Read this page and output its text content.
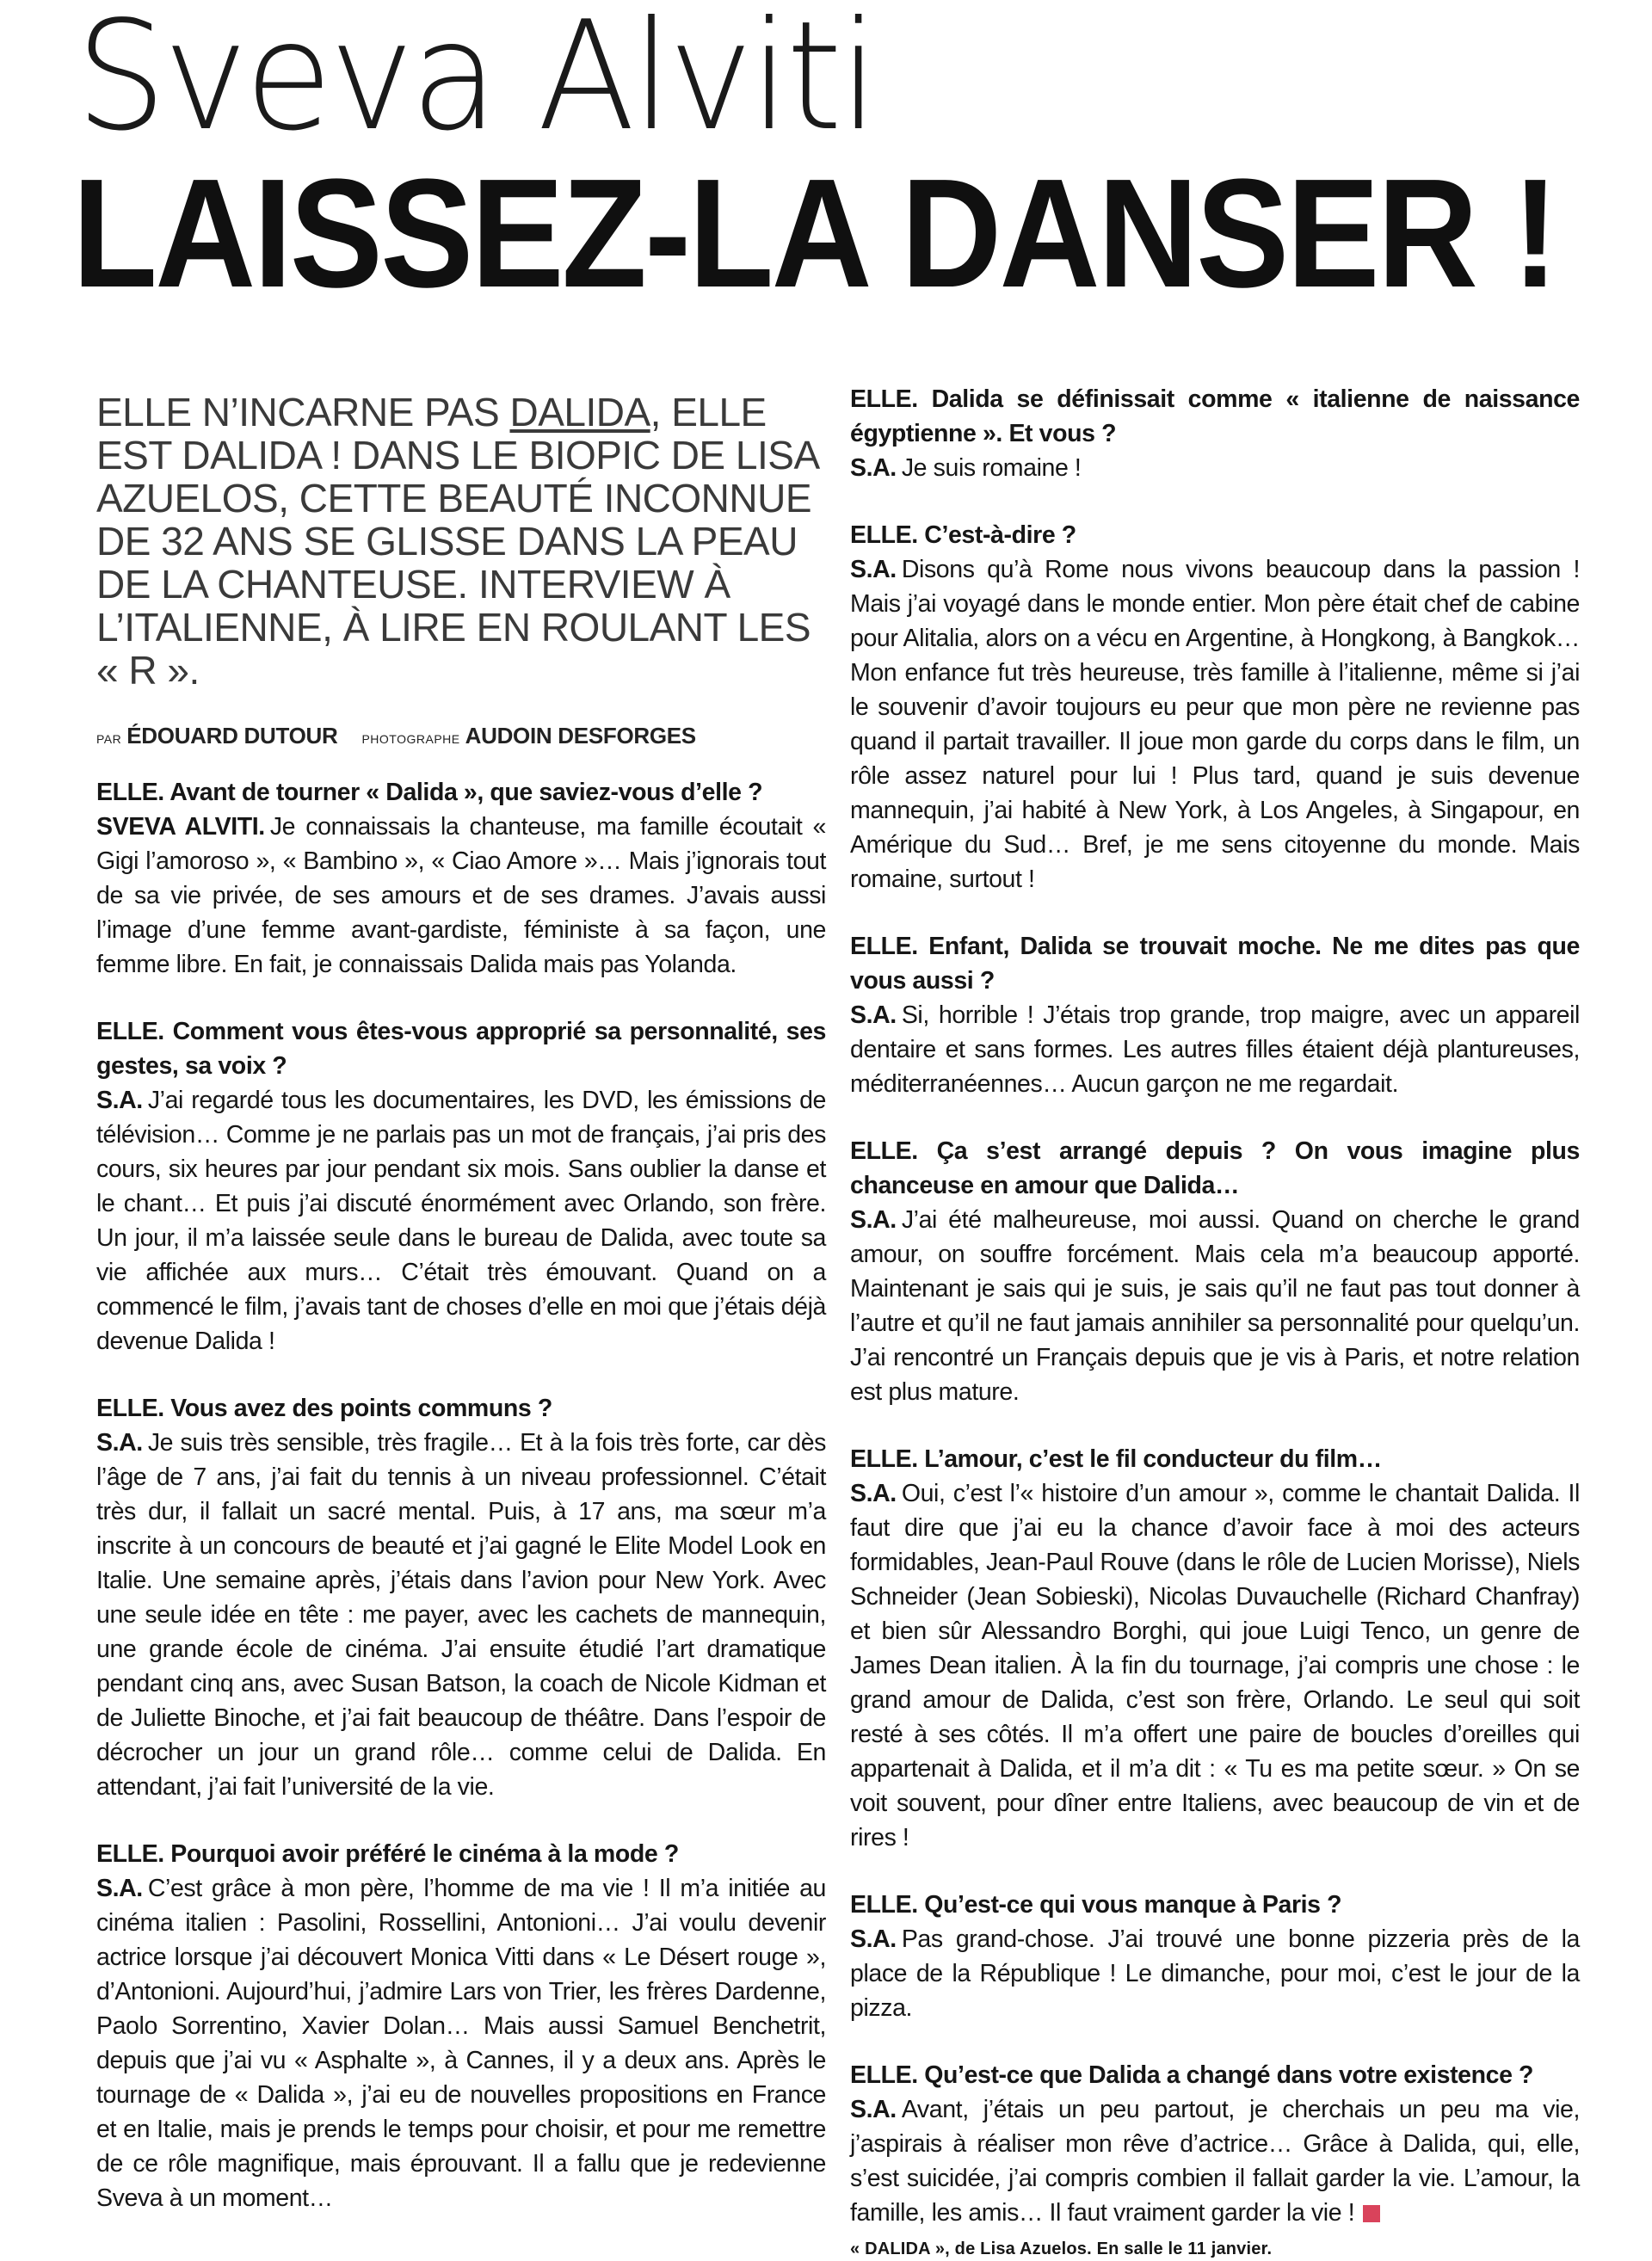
Sveva Alviti
LAISSEZ-LA DANSER !

ELLE N’INCARNE PAS DALIDA, ELLE EST DALIDA ! DANS LE BIOPIC DE LISA AZUELOS, CETTE BEAUTÉ INCONNUE DE 32 ANS SE GLISSE DANS LA PEAU DE LA CHANTEUSE. INTERVIEW À L’ITALIENNE, À LIRE EN ROULANT LES « R ».

PAR ÉDOUARD DUTOUR PHOTOGRAPHE AUDOIN DESFORGES
ELLE. Avant de tourner « Dalida », que saviez-vous d’elle ?
SVEVA ALVITI. Je connaissais la chanteuse, ma famille écoutait « Gigi l’amoroso », « Bambino », « Ciao Amore »… Mais j’ignorais tout de sa vie privée, de ses amours et de ses drames. J’avais aussi l’image d’une femme avant-gardiste, féministe à sa façon, une femme libre. En fait, je connaissais Dalida mais pas Yolanda.
ELLE. Comment vous êtes-vous approprié sa personnalité, ses gestes, sa voix ?
S.A. J’ai regardé tous les documentaires, les DVD, les émissions de télévision… Comme je ne parlais pas un mot de français, j’ai pris des cours, six heures par jour pendant six mois. Sans oublier la danse et le chant… Et puis j’ai discuté énormément avec Orlando, son frère. Un jour, il m’a laissée seule dans le bureau de Dalida, avec toute sa vie affichée aux murs… C’était très émouvant. Quand on a commencé le film, j’avais tant de choses d’elle en moi que j’étais déjà devenue Dalida !
ELLE. Vous avez des points communs ?
S.A. Je suis très sensible, très fragile… Et à la fois très forte, car dès l’âge de 7 ans, j’ai fait du tennis à un niveau professionnel. C’était très dur, il fallait un sacré mental. Puis, à 17 ans, ma sœur m’a inscrite à un concours de beauté et j’ai gagné le Elite Model Look en Italie. Une semaine après, j’étais dans l’avion pour New York. Avec une seule idée en tête : me payer, avec les cachets de mannequin, une grande école de cinéma. J’ai ensuite étudié l’art dramatique pendant cinq ans, avec Susan Batson, la coach de Nicole Kidman et de Juliette Binoche, et j’ai fait beaucoup de théâtre. Dans l’espoir de décrocher un jour un grand rôle… comme celui de Dalida. En attendant, j’ai fait l’université de la vie.
ELLE. Pourquoi avoir préféré le cinéma à la mode ?
S.A. C’est grâce à mon père, l’homme de ma vie ! Il m’a initiée au cinéma italien : Pasolini, Rossellini, Antonioni… J’ai voulu devenir actrice lorsque j’ai découvert Monica Vitti dans « Le Désert rouge », d’Antonioni. Aujourd’hui, j’admire Lars von Trier, les frères Dardenne, Paolo Sorrentino, Xavier Dolan… Mais aussi Samuel Benchetrit, depuis que j’ai vu « Asphalte », à Cannes, il y a deux ans. Après le tournage de « Dalida », j’ai eu de nouvelles propositions en France et en Italie, mais je prends le temps pour choisir, et pour me remettre de ce rôle magnifique, mais éprouvant. Il a fallu que je redevienne Sveva à un moment…
ELLE. Dalida se définissait comme « italienne de naissance égyptienne ». Et vous ?
S.A. Je suis romaine !
ELLE. C’est-à-dire ?
S.A. Disons qu’à Rome nous vivons beaucoup dans la passion ! Mais j’ai voyagé dans le monde entier. Mon père était chef de cabine pour Alitalia, alors on a vécu en Argentine, à Hongkong, à Bangkok… Mon enfance fut très heureuse, très famille à l’italienne, même si j’ai le souvenir d’avoir toujours eu peur que mon père ne revienne pas quand il partait travailler. Il joue mon garde du corps dans le film, un rôle assez naturel pour lui ! Plus tard, quand je suis devenue mannequin, j’ai habité à New York, à Los Angeles, à Singapour, en Amérique du Sud… Bref, je me sens citoyenne du monde. Mais romaine, surtout !
ELLE. Enfant, Dalida se trouvait moche. Ne me dites pas que vous aussi ?
S.A. Si, horrible ! J’étais trop grande, trop maigre, avec un appareil dentaire et sans formes. Les autres filles étaient déjà plantureuses, méditerranéennes… Aucun garçon ne me regardait.
ELLE. Ça s’est arrangé depuis ? On vous imagine plus chanceuse en amour que Dalida…
S.A. J’ai été malheureuse, moi aussi. Quand on cherche le grand amour, on souffre forcément. Mais cela m’a beaucoup apporté. Maintenant je sais qui je suis, je sais qu’il ne faut pas tout donner à l’autre et qu’il ne faut jamais annihiler sa personnalité pour quelqu’un. J’ai rencontré un Français depuis que je vis à Paris, et notre relation est plus mature.
ELLE. L’amour, c’est le fil conducteur du film…
S.A. Oui, c’est l’« histoire d’un amour », comme le chantait Dalida. Il faut dire que j’ai eu la chance d’avoir face à moi des acteurs formidables, Jean-Paul Rouve (dans le rôle de Lucien Morisse), Niels Schneider (Jean Sobieski), Nicolas Duvauchelle (Richard Chanfray) et bien sûr Alessandro Borghi, qui joue Luigi Tenco, un genre de James Dean italien. À la fin du tournage, j’ai compris une chose : le grand amour de Dalida, c’est son frère, Orlando. Le seul qui soit resté à ses côtés. Il m’a offert une paire de boucles d’oreilles qui appartenait à Dalida, et il m’a dit : « Tu es ma petite sœur. » On se voit souvent, pour dîner entre Italiens, avec beaucoup de vin et de rires !
ELLE. Qu’est-ce qui vous manque à Paris ?
S.A. Pas grand-chose. J’ai trouvé une bonne pizzeria près de la place de la République ! Le dimanche, pour moi, c’est le jour de la pizza.
ELLE. Qu’est-ce que Dalida a changé dans votre existence ?
S.A. Avant, j’étais un peu partout, je cherchais un peu ma vie, j’aspirais à réaliser mon rêve d’actrice… Grâce à Dalida, qui, elle, s’est suicidée, j’ai compris combien il fallait garder la vie. L’amour, la famille, les amis… Il faut vraiment garder la vie !
« DALIDA », de Lisa Azuelos. En salle le 11 janvier.
